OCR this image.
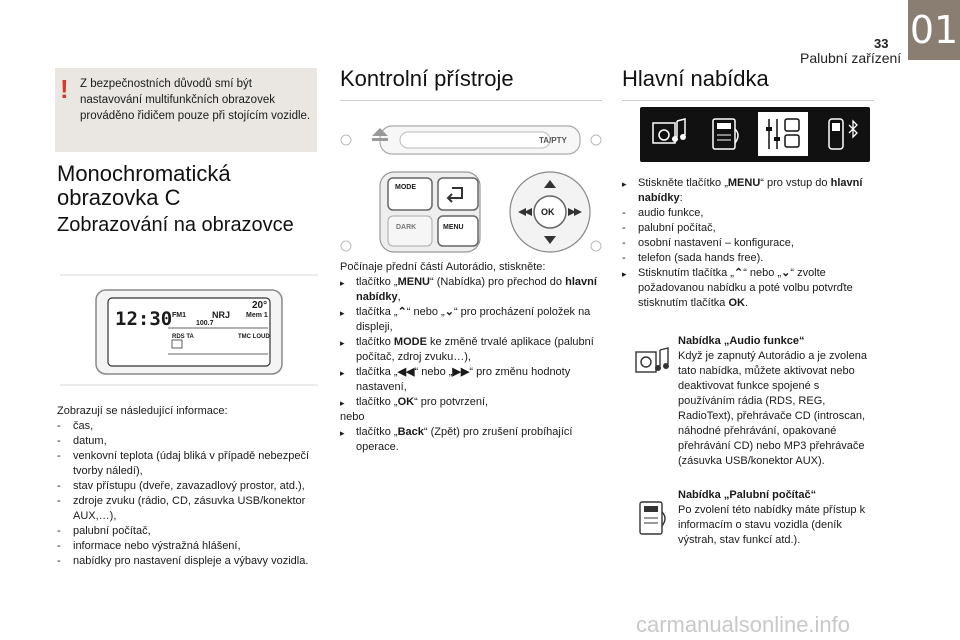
33
Palubní zařízení
01
! Z bezpečnostních důvodů smí být nastavování multifunkčních obrazovek prováděno řidičem pouze při stojícím vozidle.
Monochromatická obrazovka C
Zobrazování na obrazovce
12:30
20°
FM1	NRJ Mem 1
100.7
RDS TA	TMC LOUD

Zobrazují se následující informace:

- čas,
- datum,
- venkovní teplota (údaj bliká v případě nebezpečí tvorby náledí),
- stav přístupu (dveře, zavazadlový prostor, atd.),
- zdroje zvuku (rádio, CD, zásuvka USB/konektor AUX,…),
- palubní počítač,
- informace nebo výstražná hlášení,
- nabídky pro nastavení displeje a výbavy vozidla.
Kontrolní přístroje
TA/PTY
MODE
DARK	MENU
OK

Počínaje přední částí Autorádio, stiskněte:

▸ tlačítko „MENU“ (Nabídka) pro přechod do hlavní nabídky,
▸ tlačítka „⌃“ nebo „⌄“ pro procházení položek na displeji,
▸ tlačítko MODE ke změně trvalé aplikace (palubní počítač, zdroj zvuku…),
▸ tlačítka „◀◀“ nebo „▶▶“ pro změnu hodnoty nastavení,
▸ tlačítko „OK“ pro potvrzení,

nebo

▸ tlačítko „Back“ (Zpět) pro zrušení probíhající operace.
Hlavní nabídka
▸ Stiskněte tlačítko „MENU“ pro vstup do hlavní nabídky:
- audio funkce,
- palubní počítač,
- osobní nastavení – konfigurace,
- telefon (sada hands free).
▸ Stisknutím tlačítka „⌃“ nebo „⌄“ zvolte požadovanou nabídku a poté volbu potvrďte stisknutím tlačítka OK.

Nabídka „Audio funkce“

Když je zapnutý Autorádio a je zvolena tato nabídka, můžete aktivovat nebo deaktivovat funkce spojené s používáním rádia (RDS, REG, RadioText), přehrávače CD (introscan, náhodné přehrávání, opakované přehrávání CD) nebo MP3 přehrávače (zásuvka USB/konektor AUX).

Nabídka „Palubní počítač“

Po zvolení této nabídky máte přístup k informacím o stavu vozidla (deník výstrah, stav funkcí atd.).

carmanualsonline.info
